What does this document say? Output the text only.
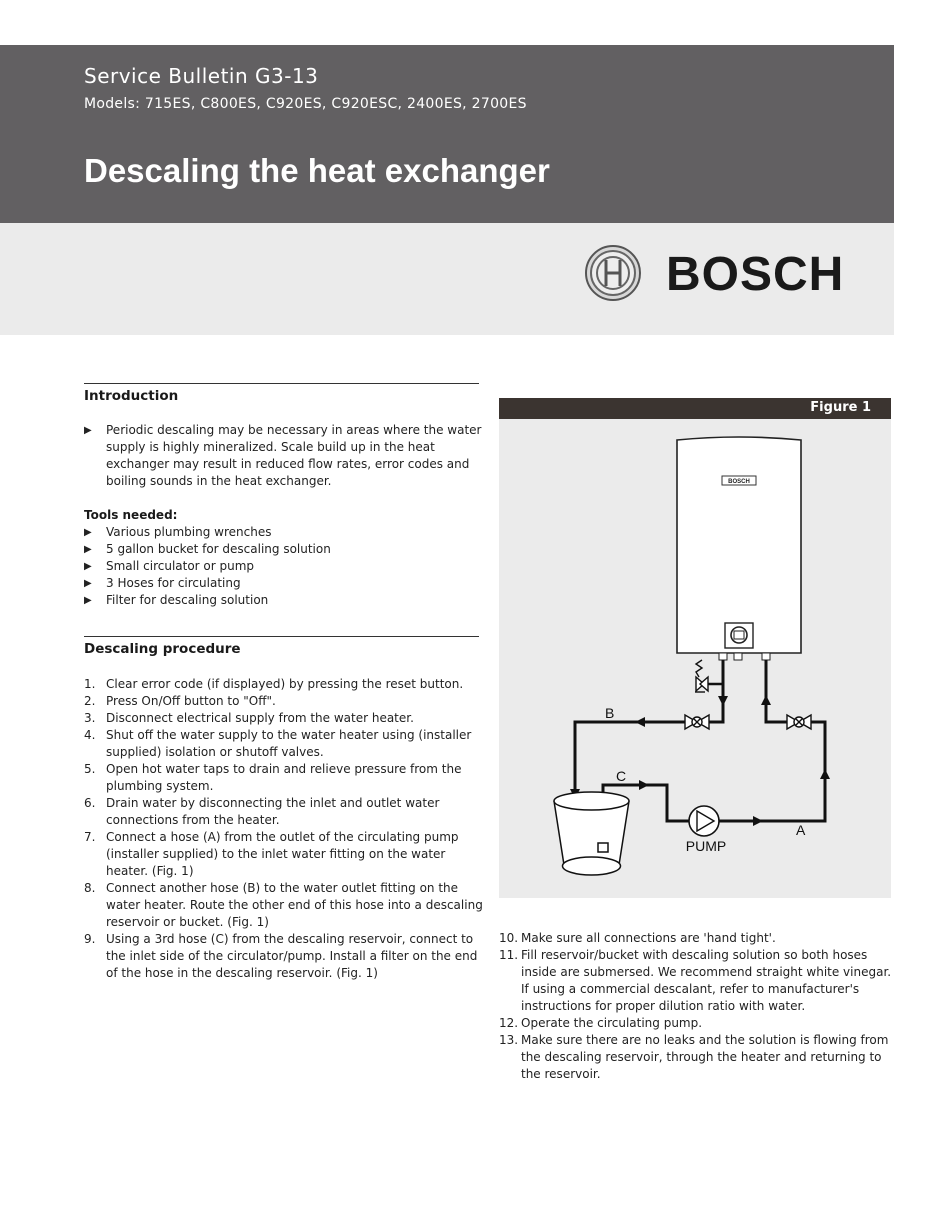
Service Bulletin G3-13
Models: 715ES, C800ES, C920ES, C920ESC, 2400ES, 2700ES
Descaling the heat exchanger
BOSCH
Introduction
▶ Periodic descaling may be necessary in areas where the water supply is highly mineralized. Scale build up in the heat exchanger may result in reduced flow rates, error codes and boiling sounds in the heat exchanger.
Tools needed:
▶ Various plumbing wrenches
▶ 5 gallon bucket for descaling solution
▶ Small circulator or pump
▶ 3 Hoses for circulating
▶ Filter for descaling solution
Descaling procedure
1. Clear error code (if displayed) by pressing the reset button.
2. Press On/Off button to "Off".
3. Disconnect electrical supply from the water heater.
4. Shut off the water supply to the water heater using (installer supplied) isolation or shutoff valves.
5. Open hot water taps to drain and relieve pressure from the plumbing system.
6. Drain water by disconnecting the inlet and outlet water connections from the heater.
7. Connect a hose (A) from the outlet of the circulating pump (installer supplied) to the inlet water fitting on the water heater. (Fig. 1)
8. Connect another hose (B) to the water outlet fitting on the water heater. Route the other end of this hose into a descaling reservoir or bucket. (Fig. 1)
9. Using a 3rd hose (C) from the descaling reservoir, connect to the inlet side of the circulator/pump. Install a filter on the end of the hose in the descaling reservoir. (Fig. 1)
Figure 1
BOSCH
B
C
A
PUMP
10. Make sure all connections are 'hand tight'.
11. Fill reservoir/bucket with descaling solution so both hoses inside are submersed. We recommend straight white vinegar. If using a commercial descalant, refer to manufacturer's instructions for proper dilution ratio with water.
12. Operate the circulating pump.
13. Make sure there are no leaks and the solution is flowing from the descaling reservoir, through the heater and returning to the reservoir.
